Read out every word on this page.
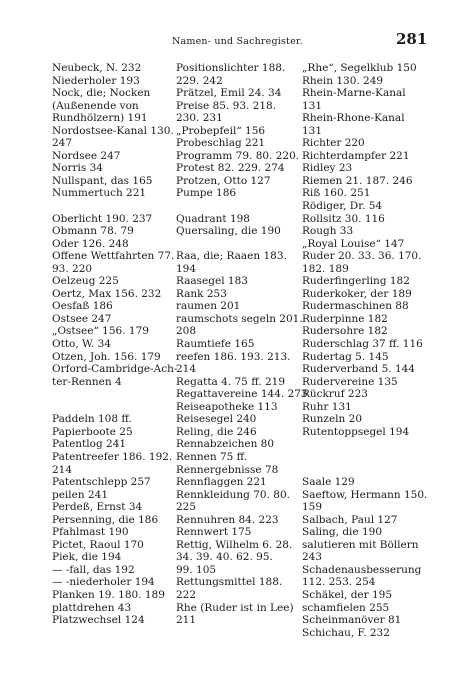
Namen- und Sachregister.	281
Neubeck, N. 232
Niederholer 193
Nock, die; Nocken
(Außenende von
Rundhölzern) 191
Nordostsee-Kanal 130.
247
Nordsee 247
Norris 34
Nullspant, das 165
Nummertuch 221
Oberlicht 190. 237
Obmann 78. 79
Oder 126. 248
Offene Wettfahrten 77.
93. 220
Oelzeug 225
Oertz, Max 156. 232
Oesfaß 186
Ostsee 247
„Ostsee“ 156. 179
Otto, W. 34
Otzen, Joh. 156. 179
Orford-Cambridge-Ach-
ter-Rennen 4
Paddeln 108 ff.
Papierboote 25
Patentlog 241
Patentreefer 186. 192.
214
Patentschlepp 257
peilen 241
Perdeß, Ernst 34
Persenning, die 186
Pfahlmast 190
Pictet, Raoul 170
Piek, die 194
— -fall, das 192
— -niederholer 194
Planken 19. 180. 189
plattdrehen 43
Platzwechsel 124
Positionslichter 188.
229. 242
Prätzel, Emil 24. 34
Preise 85. 93. 218.
230. 231
„Probepfeil“ 156
Probeschlag 221
Programm 79. 80. 220.
Protest 82. 229. 274
Protzen, Otto 127
Pumpe 186
Quadrant 198
Quersaling, die 190
Raa, die; Raaen 183.
194
Raasegel 183
Rank 253
raumen 201
raumschots segeln 201.
208
Raumtiefe 165
reefen 186. 193. 213.
214
Regatta 4. 75 ff. 219
Regattavereine 144. 273
Reiseapotheke 113
Reisesegel 240
Reling, die 246
Rennabzeichen 80
Rennen 75 ff.
Rennergebnisse 78
Rennflaggen 221
Rennkleidung 70. 80.
225
Rennuhren 84. 223
Rennwert 175
Rettig, Wilhelm 6. 28.
34. 39. 40. 62. 95.
99. 105
Rettungsmittel 188.
222
Rhe (Ruder ist in Lee)
211
„Rhe“, Segelklub 150
Rhein 130. 249
Rhein-Marne-Kanal
131
Rhein-Rhone-Kanal
131
Richter 220
Richterdampfer 221
Ridley 23
Riemen 21. 187. 246
Riß 160. 251
Rödiger, Dr. 54
Rollsitz 30. 116
Rough 33
„Royal Louise“ 147
Ruder 20. 33. 36. 170.
182. 189
Ruderfingerling 182
Ruderkoker, der 189
Rudermaschinen 88
Ruderpinne 182
Rudersohre 182
Ruderschlag 37 ff. 116
Rudertag 5. 145
Ruderverband 5. 144
Rudervereine 135
Rückruf 223
Ruhr 131
Runzeln 20
Rutentoppsegel 194
Saale 129
Saeftow, Hermann 150.
159
Salbach, Paul 127
Saling, die 190
salutieren mit Böllern
243
Schadenausbesserung
112. 253. 254
Schäkel, der 195
schamfielen 255
Scheinmanöver 81
Schichau, F. 232
